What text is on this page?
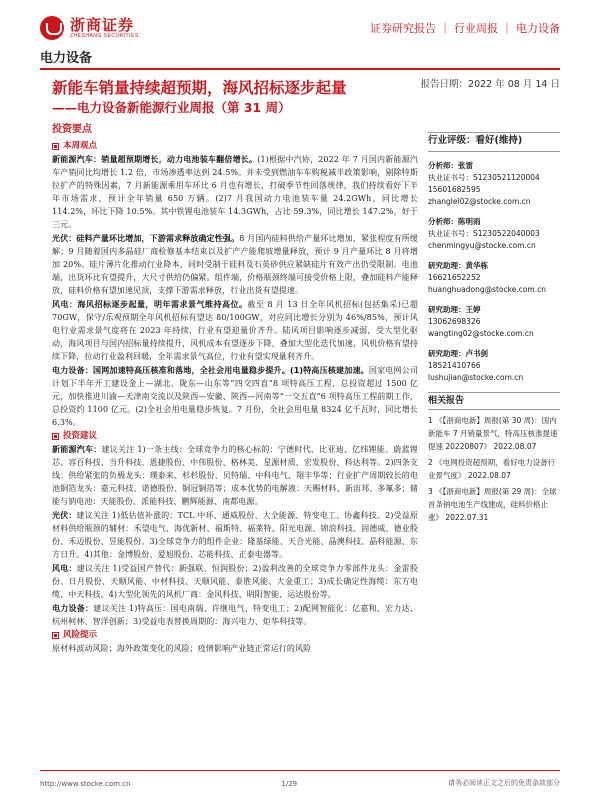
浙商证券
ZHESHANG SECURITIES
证券研究报告 ｜ 行业周报 ｜ 电力设备
电力设备
新能车销量持续超预期，海风招标逐步起量	报告日期：2022 年 08 月 14 日
——电力设备新能源行业周报（第 31 周）
投资要点
本周观点
新能源汽车：销量超预期增长，动力电池装车翻倍增长。(1)根据中汽协，2022 年 7 月国内新能源汽车产销同比均增长 1.2 倍，市场渗透率达到 24.5%。并未受到燃油车车购税减半政策影响，剔除特斯拉扩产的特殊因素，7 月新能源乘用车环比 6 月也有增长，打破季节性回落规律，我们持续看好下半年市场需求，预计全年销量 650 万辆。(2)7 月我国动力电池装车量 24.2GWh，同比增长 114.2%，环比下降 10.5%。其中铁锂电池装车 14.3GWh，占比 59.3%，同比增长 147.2%，好于三元。
光伏：硅料产量环比增加，下游需求释放确定性强。8 月国内硅料供给产量环比增加，紧张程度有所缓解；9 月随着国内多晶硅厂商检修基本结束以及扩产产能爬坡增量释放，预计 9 月产量环比 8 月将增加 20%。硅片薄片化推动行业降本，同时受制于硅料及石英砂供应紧缺硅片有效产出仍受限制。电池端，出货环比有望提升，大尺寸供给仍偏紧。组件端，价格瓶颈终端可接受价格上限，叠加硅料产能释放，硅料价格有望加速见顶，支撑下游需求释放，行业出货有望提速。
风电：海风招标逐步起量，明年需求景气维持高位。截至 8 月 13 日全年风机招标(包括集采)已超 70GW，保守/乐观预期全年风机招标有望达 80/100GW，对应同比增长分别为 46%/85%，预计风电行业需求景气度将在 2023 年持续，行业有望迎量价齐升。陆风项目影响逐步减弱，受大型化驱动，海风项目与国内招标量持续提升，风机成本有望逐步下降，叠加大型化迭代加速，风机价格有望持续下降，拉动行业盈利回暖，全年需求景气高位，行业有望实现量利齐升。
电力设备：国网加速特高压核准和落地，全社会用电量稳步提升。(1)特高压核建加速。国家电网公司计划下半年开工建设金上—湖北、陇东—山东等“四交四直”8 项特高压工程，总投资超过 1500 亿元，加快推进川渝—天津南交流以及陕西—安徽、陕西—河南等“一交五直”6 项特高压工程前期工作，总投资约 1100 亿元。(2)全社会用电量稳步恢复。7 月份，全社会用电量 8324 亿千瓦时，同比增长 6.3%。
投资建议
新能源汽车：建议关注 1)一条主线：全球竞争力的核心标的：宁德时代、比亚迪、亿纬锂能、蔚蓝锂芯、容百科技、当升科技、恩捷股份、中伟股份、格林美、星源材质、宏发股份、科达利等。2)四条支线：供给紧张的负极龙头：璞泰来、杉杉股份、贝特瑞、中科电气、翔丰华等；行业扩产周期较长的电池铜箔龙头：嘉元科技、诺德股份、铜冠铜箔等；成本优势的电解液：天赐材料、新宙邦、多氟多；储能与钠电池：天能股份、派能科技、鹏辉能源、南都电源。
光伏：建议关注 1)低估值补涨的：TCL 中环、通威股份、大全能源、特变电工、协鑫科技。2)受益原材料供给瓶颈的辅材：禾望电气、海优新材、福斯特、福莱特、阳光电源、锦浪科技、固德威、德业股份、禾迈股份、昱能股份。3)全球竞争力的组件企业：隆基绿能、天合光能、晶澳科技、晶科能源、东方日升。4)其他：金博股份、爱旭股份、芯能科技、正泰电器等。
风电：建议关注 1)受益国产替代：新强联、恒润股份；2)盈利改善的全球竞争力零部件龙头：金雷股份、日月股份、天顺风能、中材科技、天顺风能、泰胜风能、大金重工；3)成长确定性海缆：东方电缆、中天科技。4)大型化领先的风机厂商：金风科技、明阳智能、运达股份等。
电力设备：建议关注 1)特高压：国电南瑞、许继电气、特变电工；2)配网智能化：亿嘉和、宏力达、杭州柯林、智洋创新；3)受益电表替换周期的：海兴电力、炬华科技等。
风险提示
原材料波动风险；海外政策变化的风险；疫情影响产业链正常运行的风险
行业评级：看好(维持)
分析师：张雷
执业证书号：S1230521120004
15601682595
zhanglei02@stocke.com.cn
分析师：陈明雨
执业证书号：S1230522040003
chenmingyu@stocke.com.cn
研究助理：黄华栋
16621652252
huanghuadong@stocke.com.cn
研究助理：王婷
13062698326
wangting02@stocke.com.cn
研究助理：卢书剑
18521410766
lushujian@stocke.com.cn
相关报告
1 《【浙商电新】周报(第 30 周)：国内新能车 7 月销量景气，特高压核准提速提速 20220807》 2022.08.07
2 《电网投资超预期，看好电力设备行业景气度》 2022.08.07
3 《【浙商电新】周报(第 29 周)：全球首条钠电池生产线建成，硅料价格止涨》 2022.07.31
http://www.stocke.com.cn	1/29	请务必阅读正文之后的免责条款部分
